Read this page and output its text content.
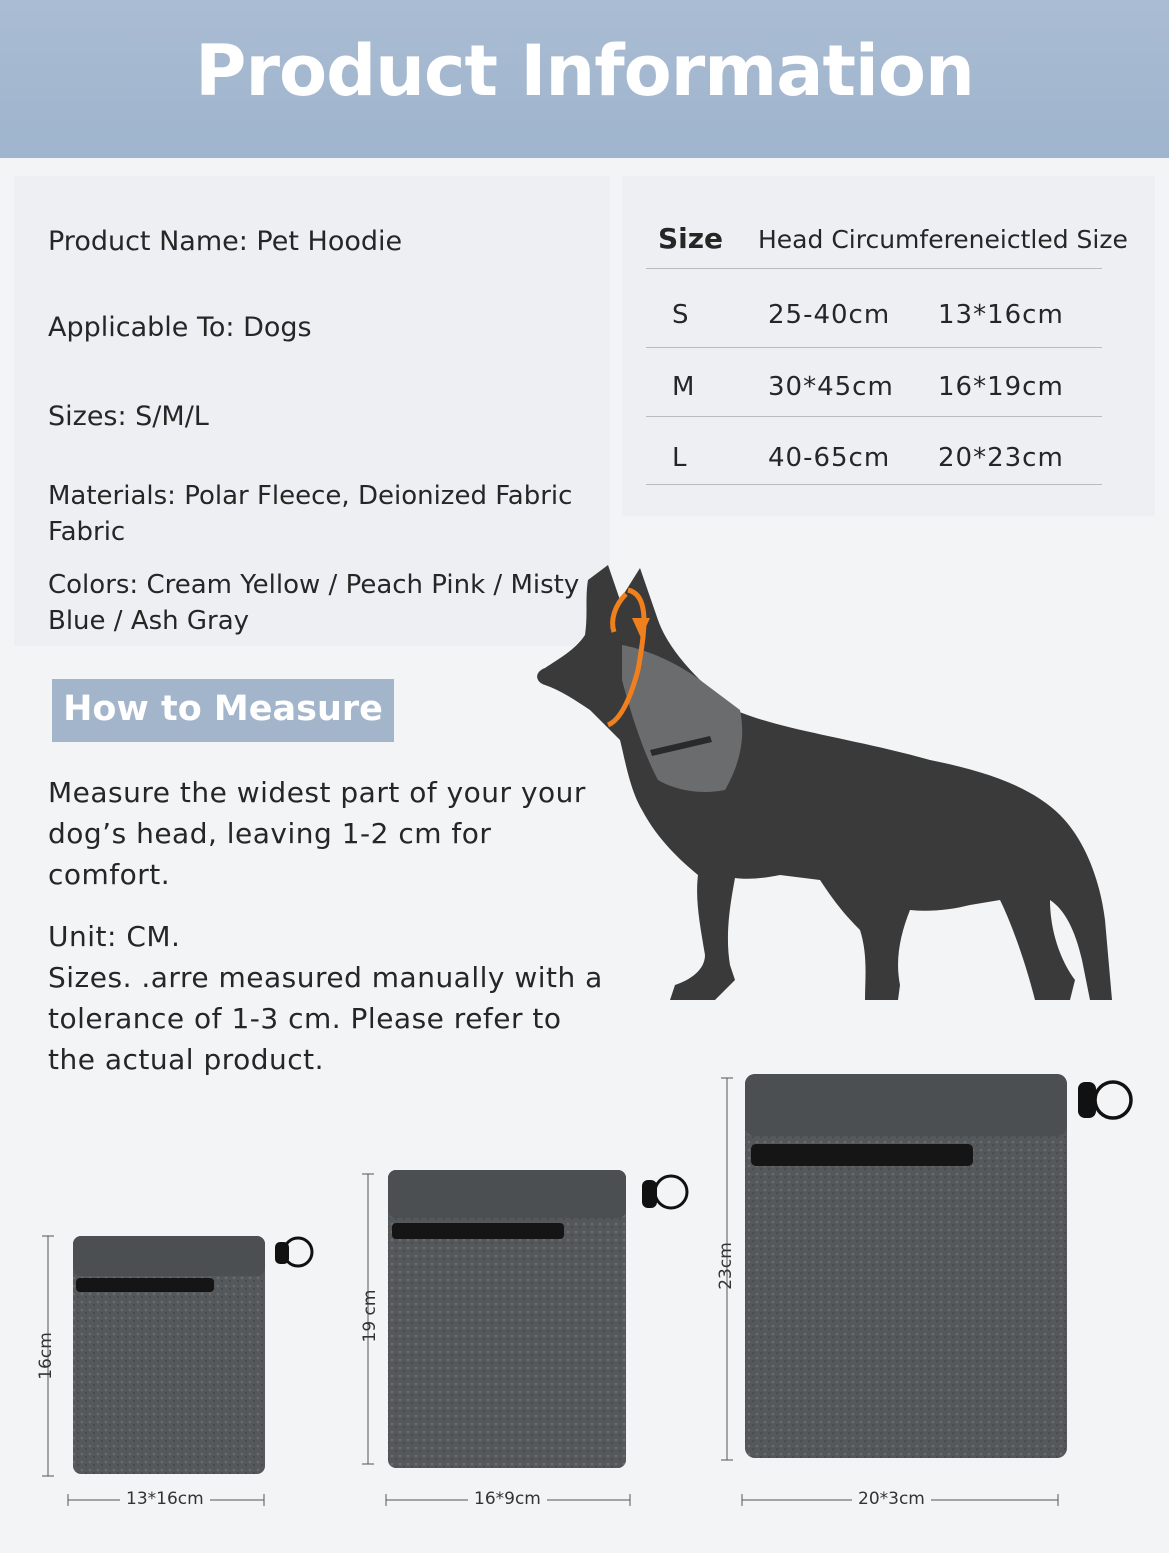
Product Information
Product Name: Pet Hoodie
Applicable To: Dogs
Sizes: S/M/L
Materials: Polar Fleece, Deionized Fabric Fabric
Colors: Cream Yellow / Peach Pink / Misty Blue / Ash Gray
Size Head Circumfereneictled Size
S	25-40cm 13*16cm
M	30*45cm 16*19cm
L	40-65cm 20*23cm
How to Measure
Measure the widest part of your your dog’s head, leaving 1-2 cm for comfort.
Unit: CM.
Sizes. .arre measured manually with a tolerance of 1-3 cm. Please refer to the actual product.
16cm
13*16cm
19 cm
16*9cm
23cm
20*3cm
